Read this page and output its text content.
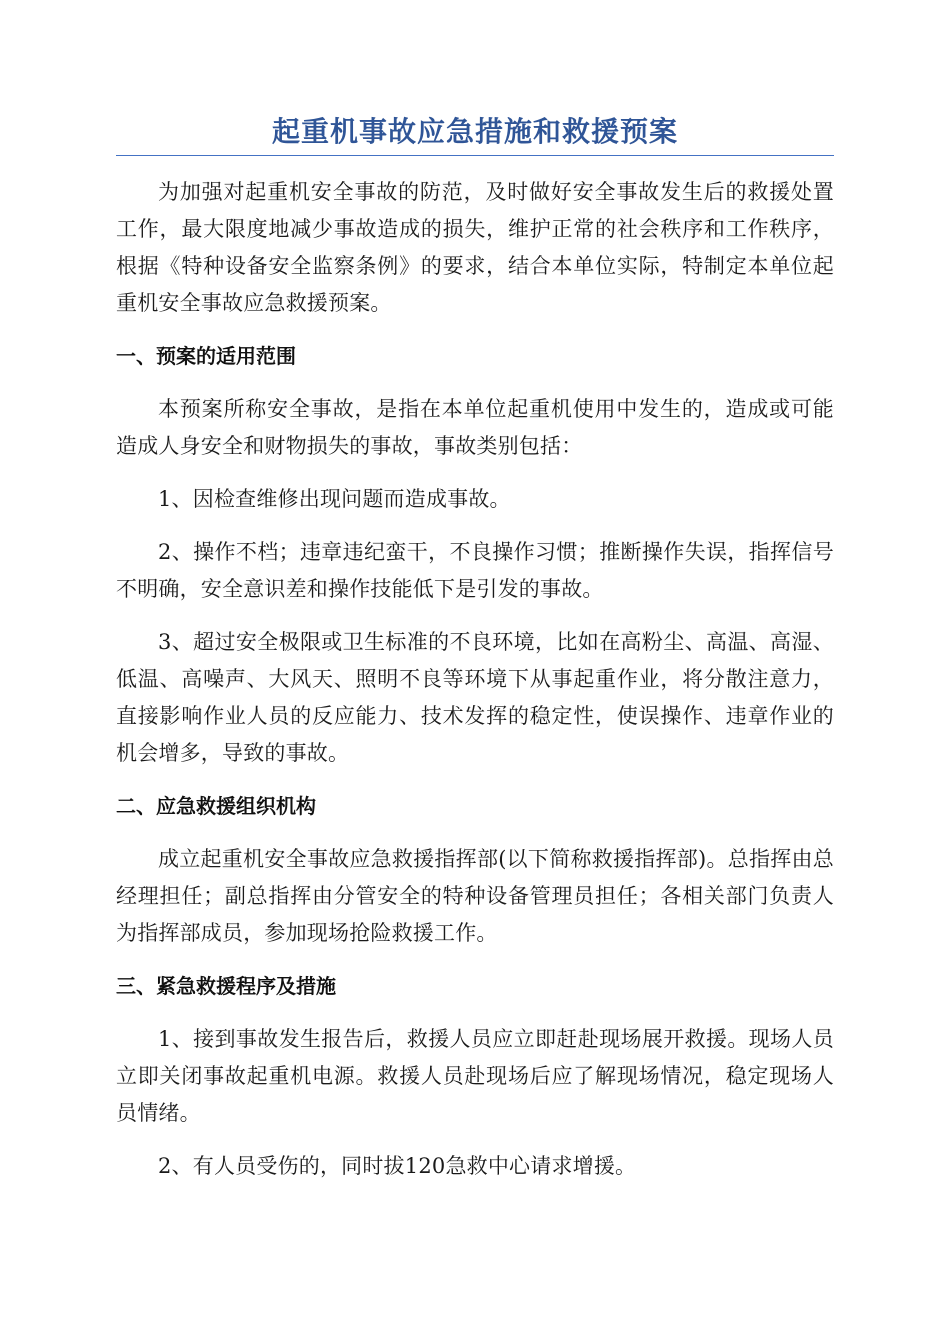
起重机事故应急措施和救援预案

为加强对起重机安全事故的防范，及时做好安全事故发生后的救援处置工作，最大限度地减少事故造成的损失，维护正常的社会秩序和工作秩序，根据《特种设备安全监察条例》的要求，结合本单位实际，特制定本单位起重机安全事故应急救援预案。

一、预案的适用范围

本预案所称安全事故，是指在本单位起重机使用中发生的，造成或可能造成人身安全和财物损失的事故，事故类别包括：

1、因检查维修出现问题而造成事故。

2、操作不档；违章违纪蛮干，不良操作习惯；推断操作失误，指挥信号不明确，安全意识差和操作技能低下是引发的事故。

3、超过安全极限或卫生标准的不良环境，比如在高粉尘、高温、高湿、低温、高噪声、大风天、照明不良等环境下从事起重作业，将分散注意力，直接影响作业人员的反应能力、技术发挥的稳定性，使误操作、违章作业的机会增多，导致的事故。

二、应急救援组织机构

成立起重机安全事故应急救援指挥部(以下简称救援指挥部)。总指挥由总经理担任；副总指挥由分管安全的特种设备管理员担任；各相关部门负责人为指挥部成员，参加现场抢险救援工作。

三、紧急救援程序及措施

1、接到事故发生报告后，救援人员应立即赶赴现场展开救援。现场人员立即关闭事故起重机电源。救援人员赴现场后应了解现场情况，稳定现场人员情绪。

2、有人员受伤的，同时拔120急救中心请求增援。
